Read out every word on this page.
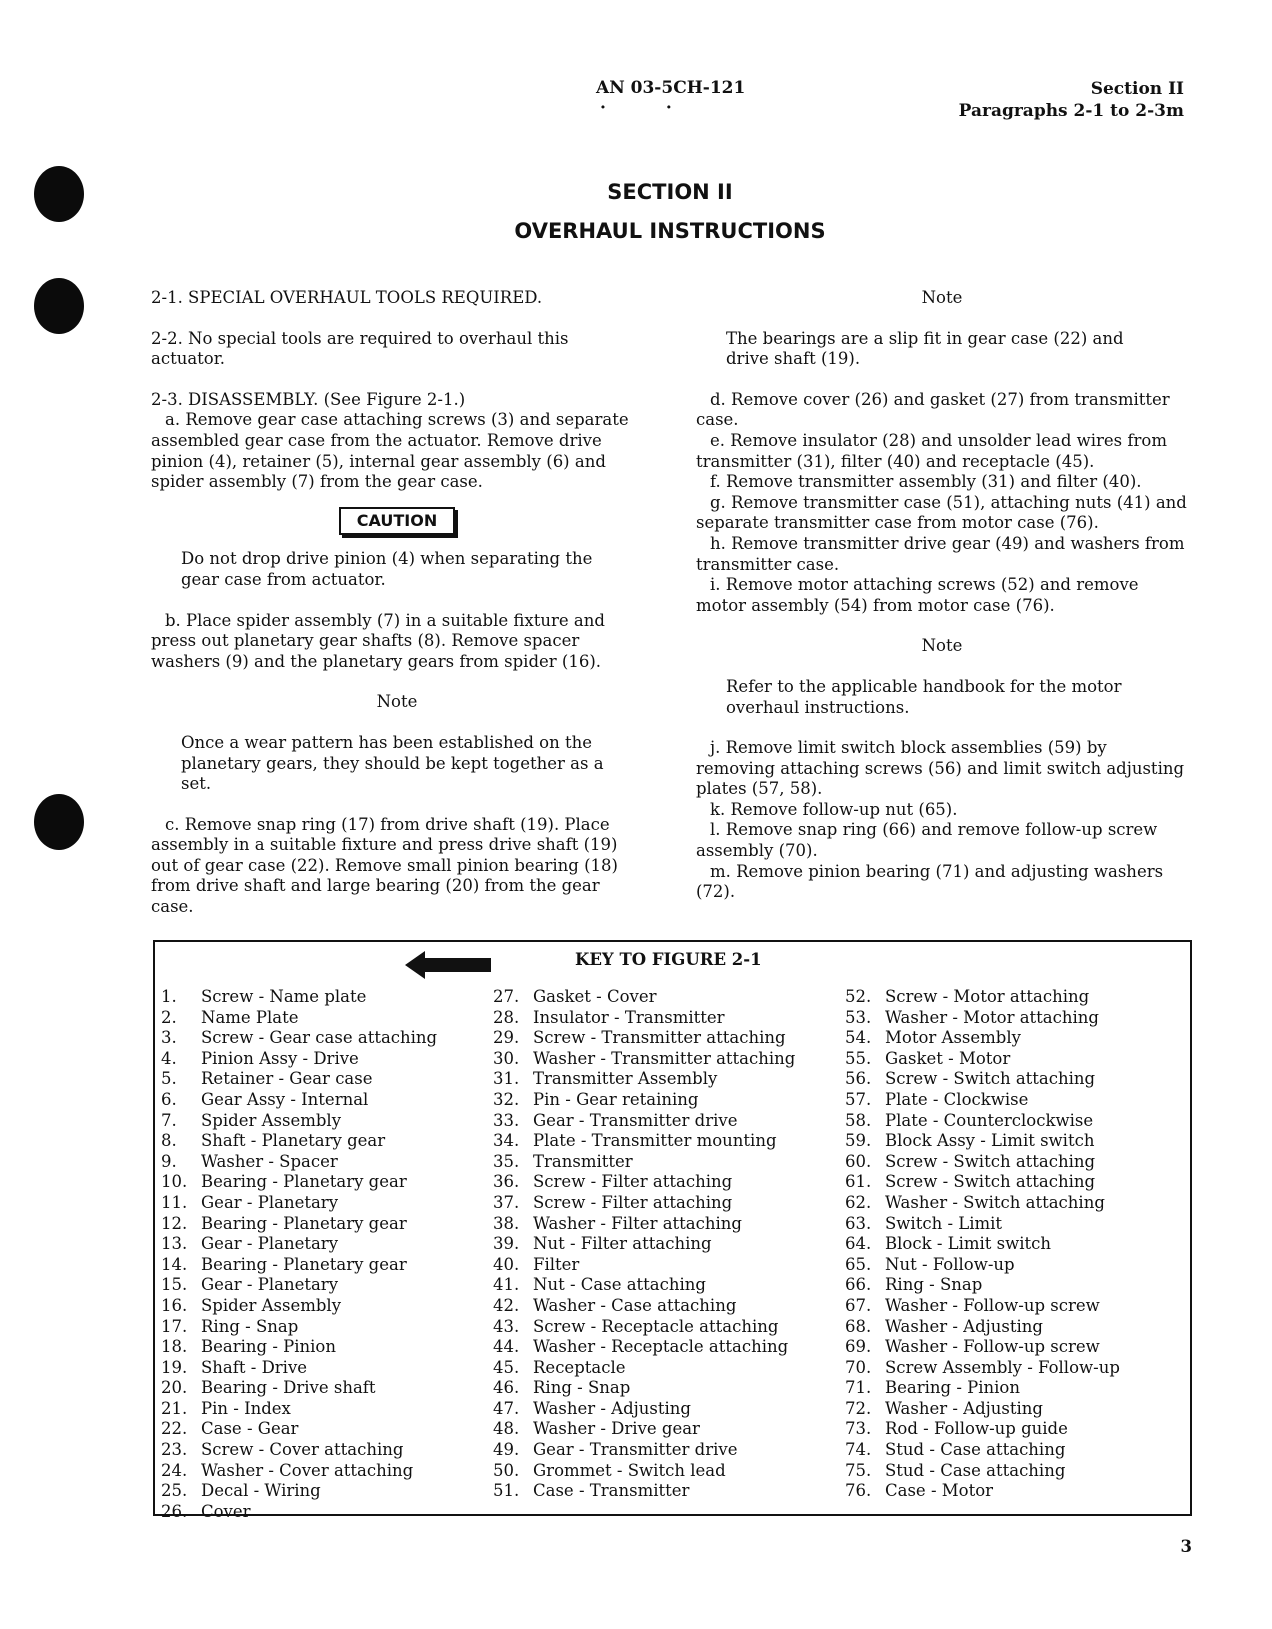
AN 03-5CH-121
··
Section II
Paragraphs 2-1 to 2-3m
SECTION II
OVERHAUL INSTRUCTIONS

2-1. SPECIAL OVERHAUL TOOLS REQUIRED.

2-2. No special tools are required to overhaul this actuator.

2-3. DISASSEMBLY. (See Figure 2-1.)

a. Remove gear case attaching screws (3) and separate assembled gear case from the actuator. Remove drive pinion (4), retainer (5), internal gear assembly (6) and spider assembly (7) from the gear case.

CAUTION

Do not drop drive pinion (4) when separating the gear case from actuator.

b. Place spider assembly (7) in a suitable fixture and press out planetary gear shafts (8). Remove spacer washers (9) and the planetary gears from spider (16).

Note

Once a wear pattern has been established on the planetary gears, they should be kept together as a set.

c. Remove snap ring (17) from drive shaft (19). Place assembly in a suitable fixture and press drive shaft (19) out of gear case (22). Remove small pinion bearing (18) from drive shaft and large bearing (20) from the gear case.

Note

The bearings are a slip fit in gear case (22) and drive shaft (19).

d. Remove cover (26) and gasket (27) from transmitter case.

e. Remove insulator (28) and unsolder lead wires from transmitter (31), filter (40) and receptacle (45).

f. Remove transmitter assembly (31) and filter (40).

g. Remove transmitter case (51), attaching nuts (41) and separate transmitter case from motor case (76).

h. Remove transmitter drive gear (49) and washers from transmitter case.

i. Remove motor attaching screws (52) and remove motor assembly (54) from motor case (76).

Note

Refer to the applicable handbook for the motor overhaul instructions.

j. Remove limit switch block assemblies (59) by removing attaching screws (56) and limit switch adjusting plates (57, 58).

k. Remove follow-up nut (65).

l. Remove snap ring (66) and remove follow-up screw assembly (70).

m. Remove pinion bearing (71) and adjusting washers (72).

KEY TO FIGURE 2-1
1. Screw - Name plate
2. Name Plate
3. Screw - Gear case attaching
4. Pinion Assy - Drive
5. Retainer - Gear case
6. Gear Assy - Internal
7. Spider Assembly
8. Shaft - Planetary gear
9. Washer - Spacer
10. Bearing - Planetary gear
11. Gear - Planetary
12. Bearing - Planetary gear
13. Gear - Planetary
14. Bearing - Planetary gear
15. Gear - Planetary
16. Spider Assembly
17. Ring - Snap
18. Bearing - Pinion
19. Shaft - Drive
20. Bearing - Drive shaft
21. Pin - Index
22. Case - Gear
23. Screw - Cover attaching
24. Washer - Cover attaching
25. Decal - Wiring
26. Cover
27. Gasket - Cover
28. Insulator - Transmitter
29. Screw - Transmitter attaching
30. Washer - Transmitter attaching
31. Transmitter Assembly
32. Pin - Gear retaining
33. Gear - Transmitter drive
34. Plate - Transmitter mounting
35. Transmitter
36. Screw - Filter attaching
37. Screw - Filter attaching
38. Washer - Filter attaching
39. Nut - Filter attaching
40. Filter
41. Nut - Case attaching
42. Washer - Case attaching
43. Screw - Receptacle attaching
44. Washer - Receptacle attaching
45. Receptacle
46. Ring - Snap
47. Washer - Adjusting
48. Washer - Drive gear
49. Gear - Transmitter drive
50. Grommet - Switch lead
51. Case - Transmitter
52. Screw - Motor attaching
53. Washer - Motor attaching
54. Motor Assembly
55. Gasket - Motor
56. Screw - Switch attaching
57. Plate - Clockwise
58. Plate - Counterclockwise
59. Block Assy - Limit switch
60. Screw - Switch attaching
61. Screw - Switch attaching
62. Washer - Switch attaching
63. Switch - Limit
64. Block - Limit switch
65. Nut - Follow-up
66. Ring - Snap
67. Washer - Follow-up screw
68. Washer - Adjusting
69. Washer - Follow-up screw
70. Screw Assembly - Follow-up
71. Bearing - Pinion
72. Washer - Adjusting
73. Rod - Follow-up guide
74. Stud - Case attaching
75. Stud - Case attaching
76. Case - Motor
3
